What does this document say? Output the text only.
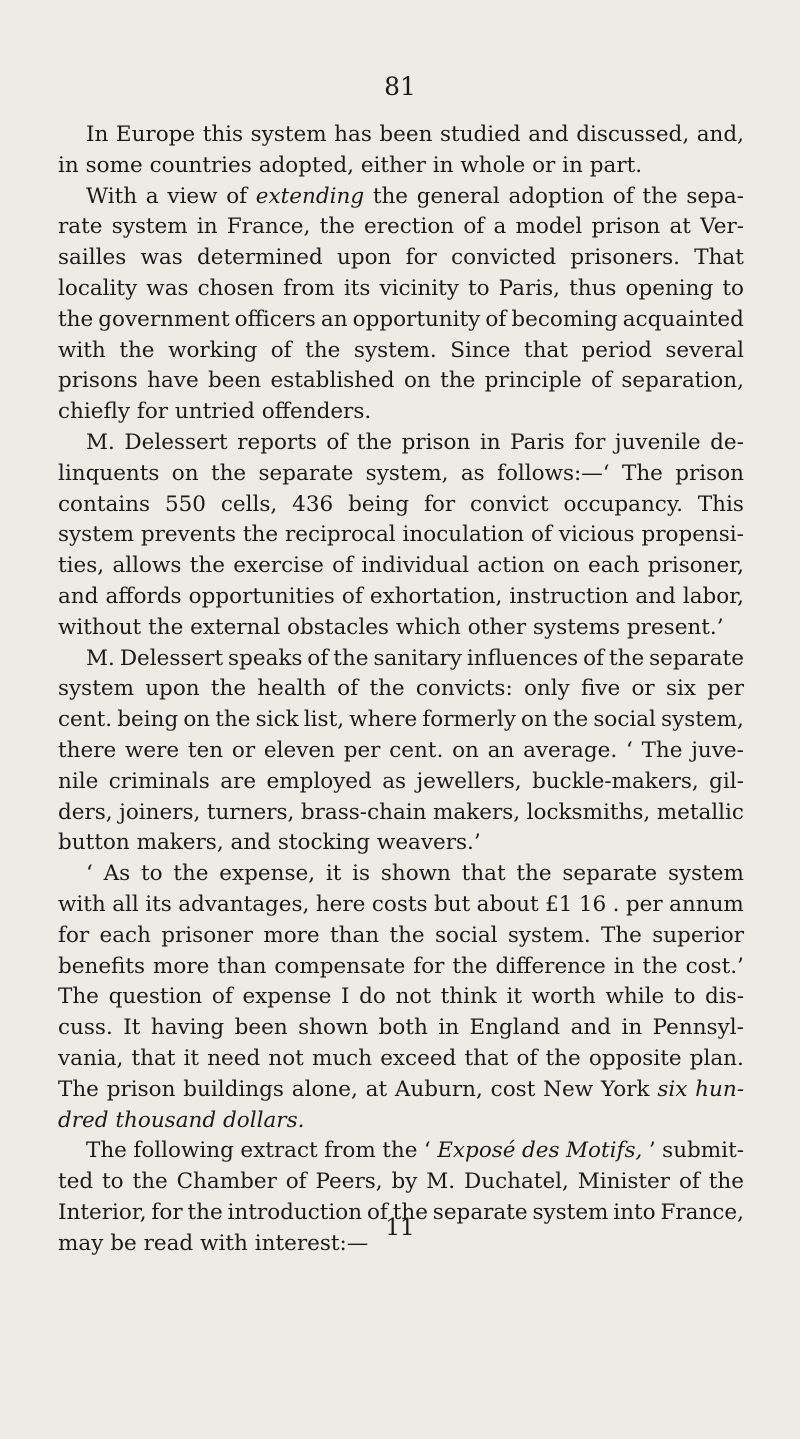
81
In Europe this system has been studied and discussed, and,
in some countries adopted, either in whole or in part.
With a view of extending the general adoption of the sepa-
rate system in France, the erection of a model prison at Ver-
sailles was determined upon for convicted prisoners. That
locality was chosen from its vicinity to Paris, thus opening to
the government officers an opportunity of becoming acquainted
with the working of the system. Since that period several
prisons have been established on the principle of separation,
chiefly for untried offenders.
M. Delessert reports of the prison in Paris for juvenile de-
linquents on the separate system, as follows:—‘ The prison
contains 550 cells, 436 being for convict occupancy. This
system prevents the reciprocal inoculation of vicious propensi-
ties, allows the exercise of individual action on each prisoner,
and affords opportunities of exhortation, instruction and labor,
without the external obstacles which other systems present.’
M. Delessert speaks of the sanitary influences of the separate
system upon the health of the convicts: only five or six per
cent. being on the sick list, where formerly on the social system,
there were ten or eleven per cent. on an average. ‘ The juve-
nile criminals are employed as jewellers, buckle-makers, gil-
ders, joiners, turners, brass-chain makers, locksmiths, metallic
button makers, and stocking weavers.’
‘ As to the expense, it is shown that the separate system
with all its advantages, here costs but about £1 16 . per annum
for each prisoner more than the social system. The superior
benefits more than compensate for the difference in the cost.’
The question of expense I do not think it worth while to dis-
cuss. It having been shown both in England and in Pennsyl-
vania, that it need not much exceed that of the opposite plan.
The prison buildings alone, at Auburn, cost New York six hun-
dred thousand dollars.
The following extract from the ‘ Exposé des Motifs, ’ submit-
ted to the Chamber of Peers, by M. Duchatel, Minister of the
Interior, for the introduction of the separate system into France,
may be read with interest:—
11
